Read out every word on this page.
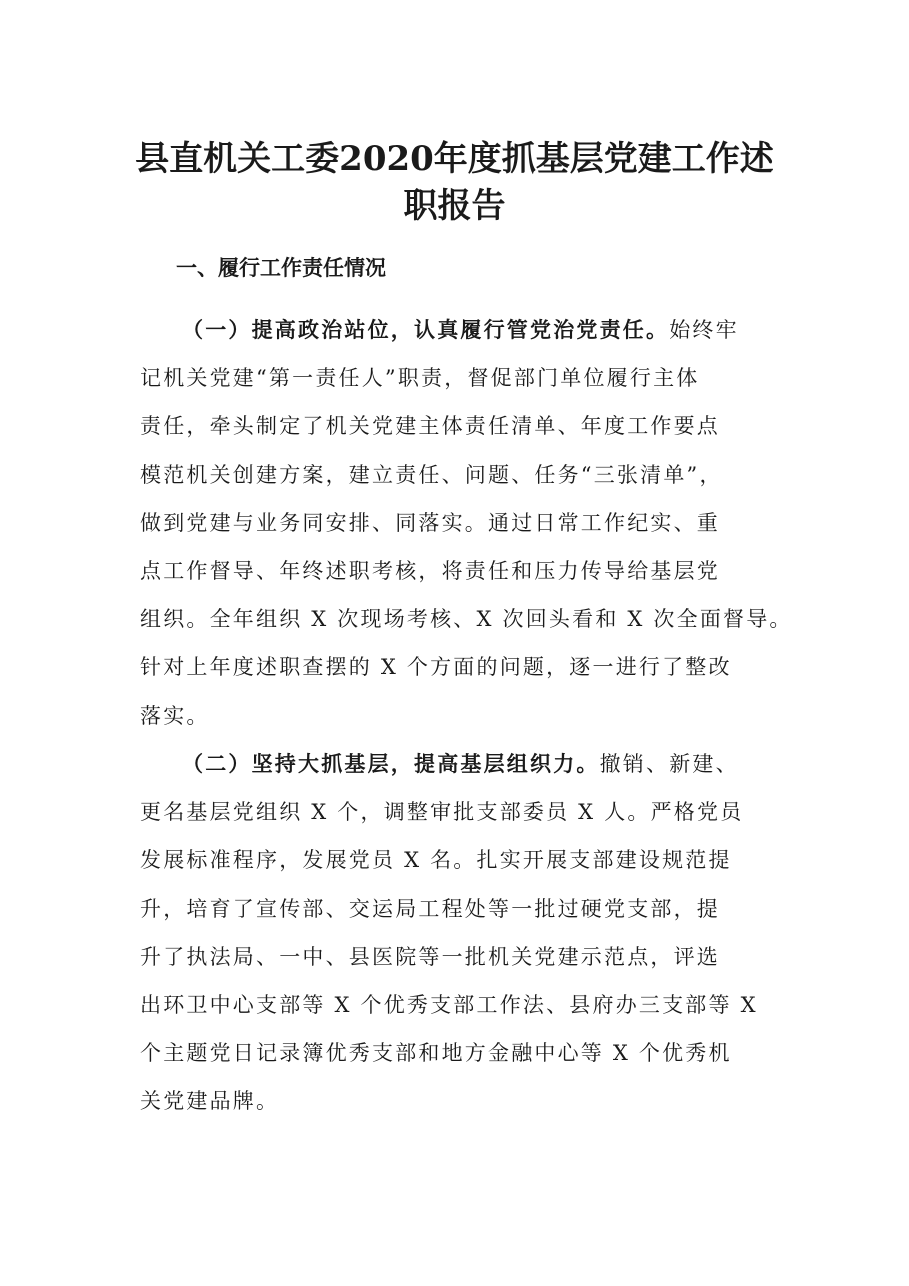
县直机关工委2020年度抓基层党建工作述
职报告
一、履行工作责任情况
（一）提高政治站位，认真履行管党治党责任。始终牢
记机关党建“第一责任人”职责，督促部门单位履行主体
责任，牵头制定了机关党建主体责任清单、年度工作要点
模范机关创建方案，建立责任、问题、任务“三张清单”，
做到党建与业务同安排、同落实。通过日常工作纪实、重
点工作督导、年终述职考核，将责任和压力传导给基层党
组织。全年组织 X 次现场考核、X 次回头看和 X 次全面督导。
针对上年度述职查摆的 X 个方面的问题，逐一进行了整改
落实。
（二）坚持大抓基层，提高基层组织力。撤销、新建、
更名基层党组织 X 个，调整审批支部委员 X 人。严格党员
发展标准程序，发展党员 X 名。扎实开展支部建设规范提
升，培育了宣传部、交运局工程处等一批过硬党支部，提
升了执法局、一中、县医院等一批机关党建示范点，评选
出环卫中心支部等 X 个优秀支部工作法、县府办三支部等 X
个主题党日记录簿优秀支部和地方金融中心等 X 个优秀机
关党建品牌。
